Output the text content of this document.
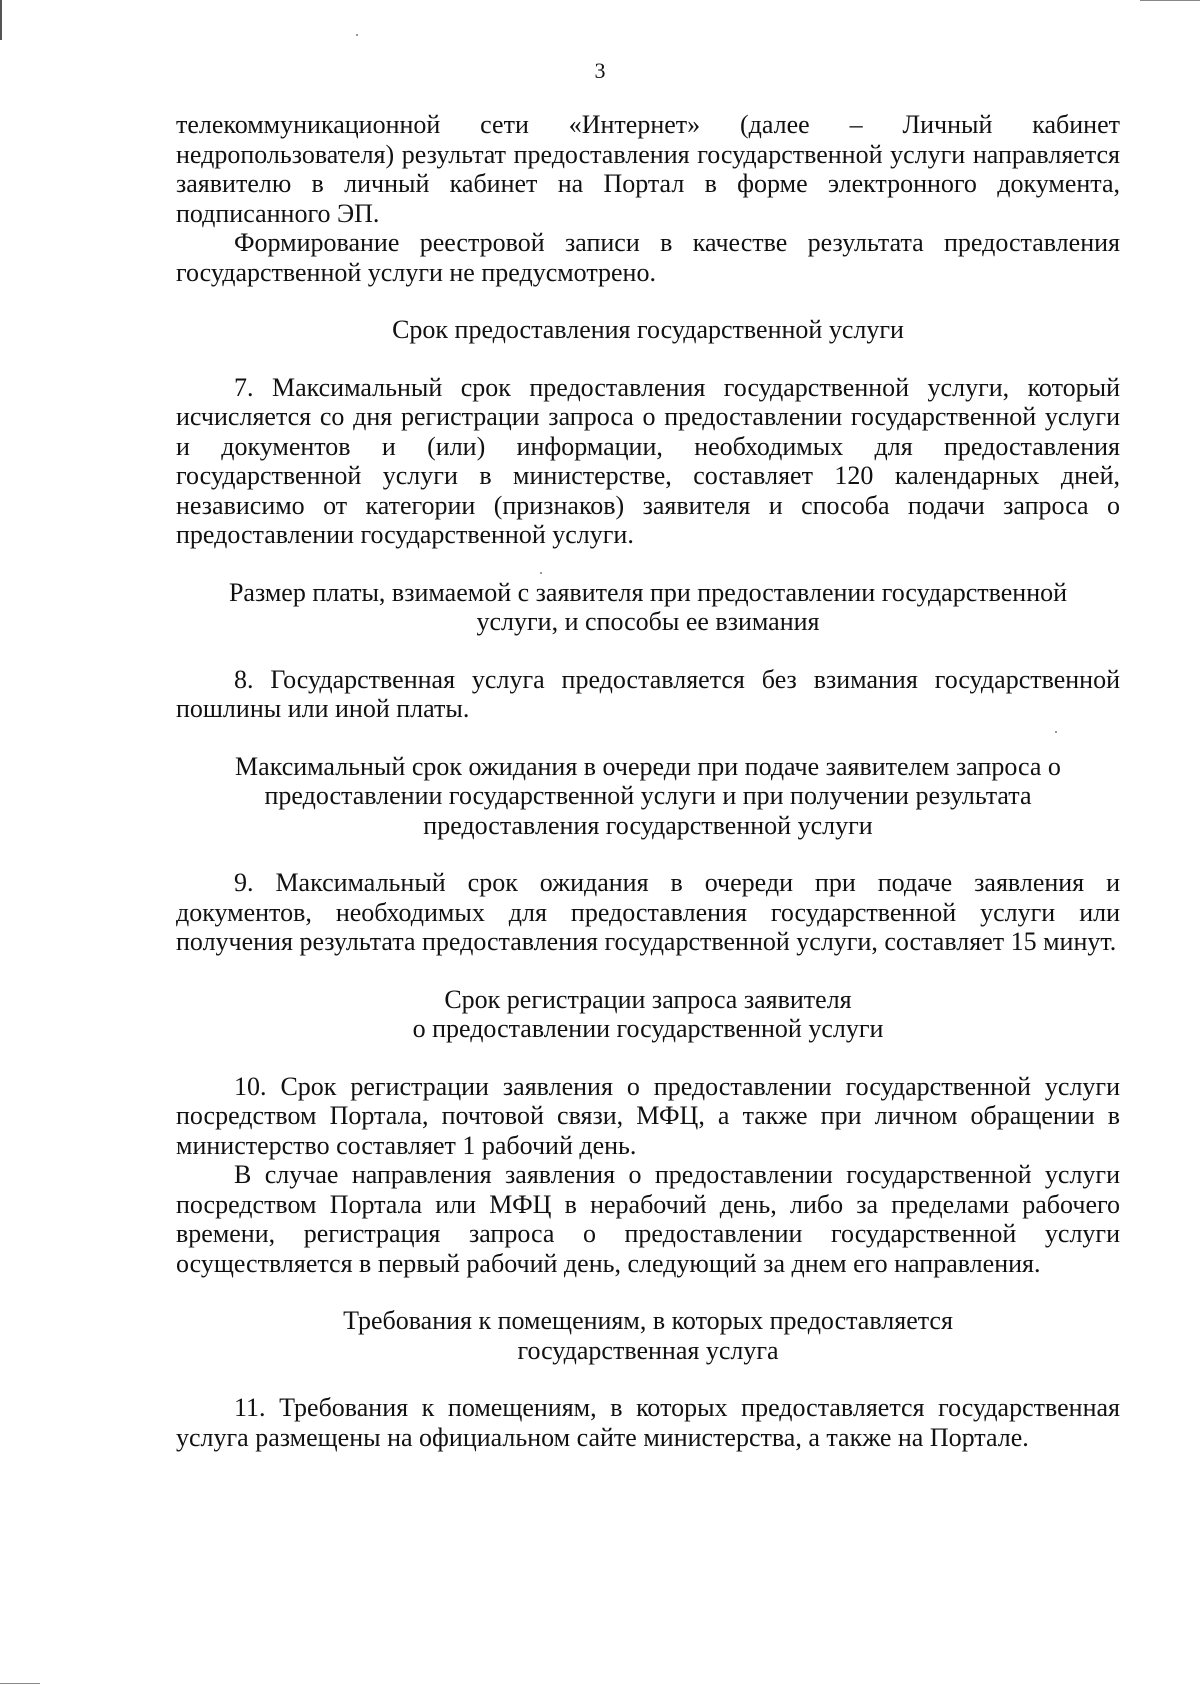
3

телекоммуникационной сети «Интернет» (далее – Личный кабинет недропользователя) результат предоставления государственной услуги направляется заявителю в личный кабинет на Портал в форме электронного документа, подписанного ЭП.

Формирование реестровой записи в качестве результата предоставления государственной услуги не предусмотрено.

Срок предоставления государственной услуги

7. Максимальный срок предоставления государственной услуги, который исчисляется со дня регистрации запроса о предоставлении государственной услуги и документов и (или) информации, необходимых для предоставления государственной услуги в министерстве, составляет 120 календарных дней, независимо от категории (признаков) заявителя и способа подачи запроса о предоставлении государственной услуги.

Размер платы, взимаемой с заявителя при предоставлении государственной

услуги, и способы ее взимания

8. Государственная услуга предоставляется без взимания государственной пошлины или иной платы.

Максимальный срок ожидания в очереди при подаче заявителем запроса о

предоставлении государственной услуги и при получении результата

предоставления государственной услуги

9. Максимальный срок ожидания в очереди при подаче заявления и документов, необходимых для предоставления государственной услуги или получения результата предоставления государственной услуги, составляет 15 минут.

Срок регистрации запроса заявителя

о предоставлении государственной услуги

10. Срок регистрации заявления о предоставлении государственной услуги посредством Портала, почтовой связи, МФЦ, а также при личном обращении в министерство составляет 1 рабочий день.

В случае направления заявления о предоставлении государственной услуги посредством Портала или МФЦ в нерабочий день, либо за пределами рабочего времени, регистрация запроса о предоставлении государственной услуги осуществляется в первый рабочий день, следующий за днем его направления.

Требования к помещениям, в которых предоставляется

государственная услуга

11. Требования к помещениям, в которых предоставляется государственная услуга размещены на официальном сайте министерства, а также на Портале.
